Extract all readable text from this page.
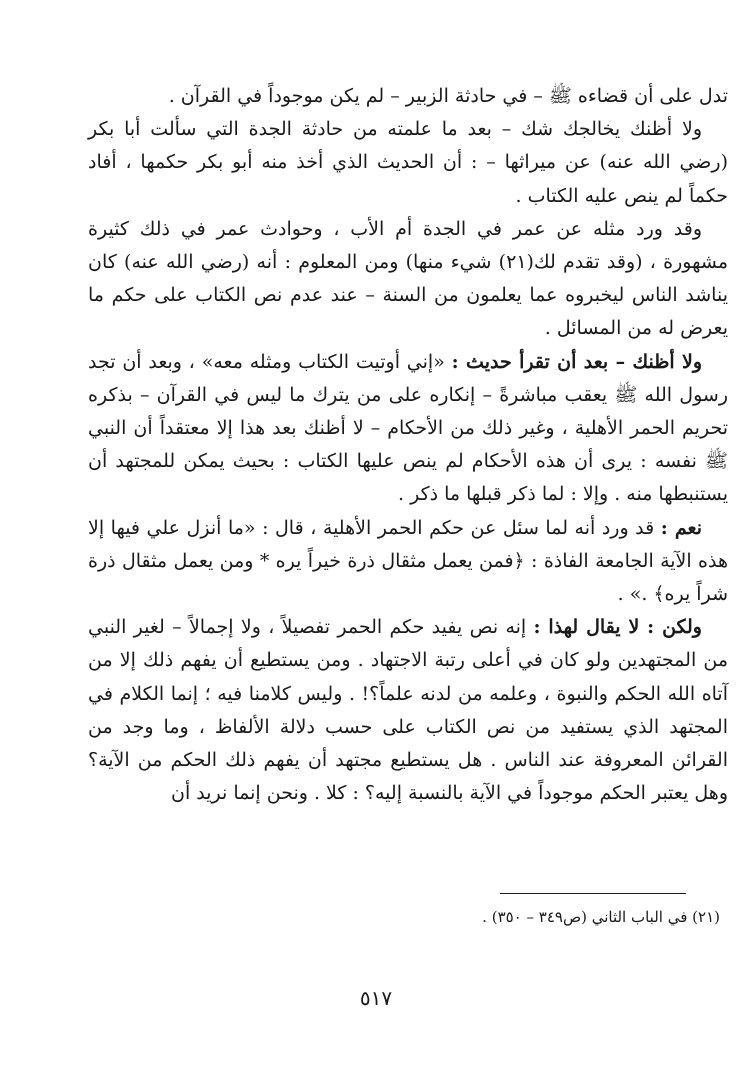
تدل على أن قضاءه ﷺ – في حادثة الزبير – لم يكن موجوداً في القرآن .

ولا أظنك يخالجك شك – بعد ما علمته من حادثة الجدة التي سألت أبا بكر (رضي الله عنه) عن ميراثها – : أن الحديث الذي أخذ منه أبو بكر حكمها ، أفاد حكماً لم ينص عليه الكتاب .

وقد ورد مثله عن عمر في الجدة أم الأب ، وحوادث عمر في ذلك كثيرة مشهورة ، (وقد تقدم لك(٢١) شيء منها) ومن المعلوم : أنه (رضي الله عنه) كان يناشد الناس ليخبروه عما يعلمون من السنة – عند عدم نص الكتاب على حكم ما يعرض له من المسائل .

ولا أظنك – بعد أن تقرأ حديث : «إني أوتيت الكتاب ومثله معه» ، وبعد أن تجد رسول الله ﷺ يعقب مباشرةً – إنكاره على من يترك ما ليس في القرآن – بذكره تحريم الحمر الأهلية ، وغير ذلك من الأحكام – لا أظنك بعد هذا إلا معتقداً أن النبي ﷺ نفسه : يرى أن هذه الأحكام لم ينص عليها الكتاب : بحيث يمكن للمجتهد أن يستنبطها منه . وإلا : لما ذكر قبلها ما ذكر .

نعم : قد ورد أنه لما سئل عن حكم الحمر الأهلية ، قال : «ما أنزل علي فيها إلا هذه الآية الجامعة الفاذة : ﴿فمن يعمل مثقال ذرة خيراً يره * ومن يعمل مثقال ذرة شراً يره﴾ .» .

ولكن : لا يقال لهذا : إنه نص يفيد حكم الحمر تفصيلاً ، ولا إجمالاً – لغير النبي من المجتهدين ولو كان في أعلى رتبة الاجتهاد . ومن يستطيع أن يفهم ذلك إلا من آتاه الله الحكم والنبوة ، وعلمه من لدنه علماً؟! . وليس كلامنا فيه ؛ إنما الكلام في المجتهد الذي يستفيد من نص الكتاب على حسب دلالة الألفاظ ، وما وجد من القرائن المعروفة عند الناس . هل يستطيع مجتهد أن يفهم ذلك الحكم من الآية؟ وهل يعتبر الحكم موجوداً في الآية بالنسبة إليه؟ : كلا . ونحن إنما نريد أن

(٢١) في الباب الثاني (ص٣٤٩ – ٣٥٠) .
٥١٧
